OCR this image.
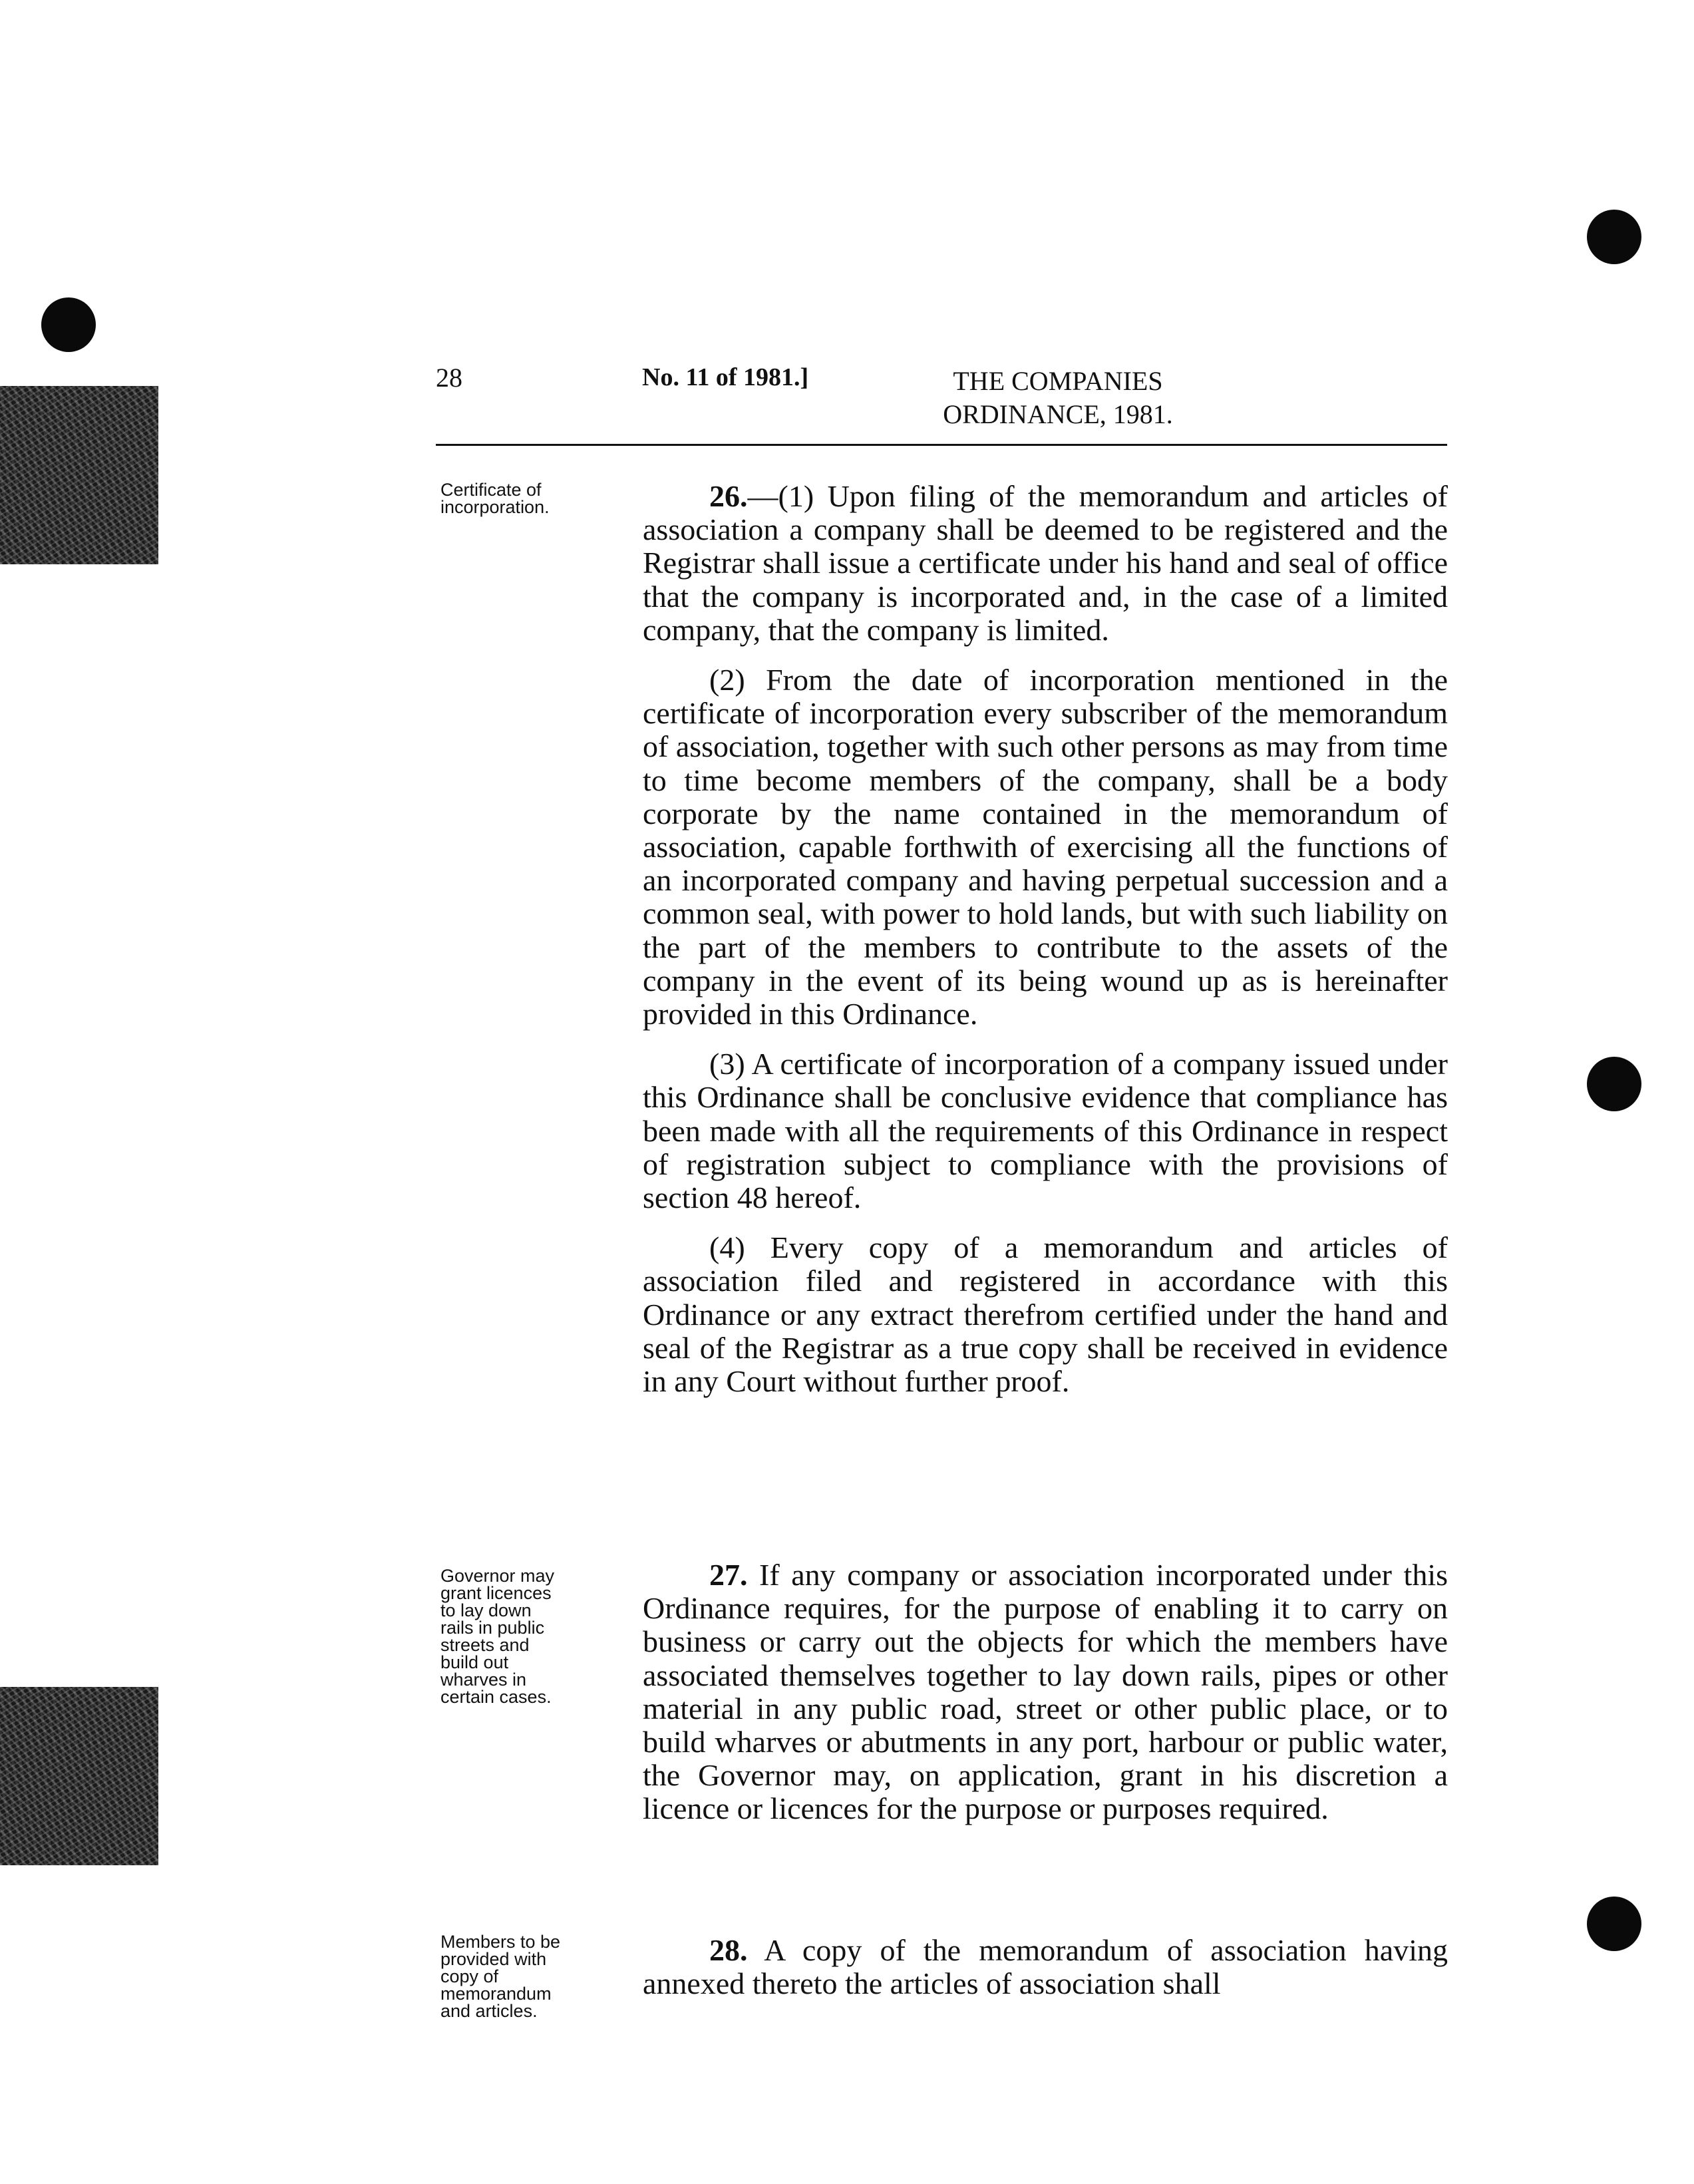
28	No. 11 of 1981.]	THE COMPANIES
ORDINANCE, 1981.
Certificate of incorporation.	26.—(1) Upon filing of the memorandum and articles of association a company shall be deemed to be registered and the Registrar shall issue a certificate under his hand and seal of office that the company is incorporated and, in the case of a limited company, that the company is limited.

(2) From the date of incorporation mentioned in the certificate of incorporation every subscriber of the memorandum of association, together with such other persons as may from time to time become members of the company, shall be a body corporate by the name contained in the memorandum of association, capable forthwith of exercising all the functions of an incorporated company and having perpetual succession and a common seal, with power to hold lands, but with such liability on the part of the members to contribute to the assets of the company in the event of its being wound up as is hereinafter provided in this Ordinance.

(3) A certificate of incorporation of a company issued under this Ordinance shall be conclusive evidence that compliance has been made with all the requirements of this Ordinance in respect of registration subject to compliance with the provisions of section 48 hereof.

(4) Every copy of a memorandum and articles of association filed and registered in accordance with this Ordinance or any extract therefrom certified under the hand and seal of the Registrar as a true copy shall be received in evidence in any Court without further proof.

Governor may grant licences to lay down rails in public streets and build out wharves in certain cases.

27. If any company or association incorporated under this Ordinance requires, for the purpose of enabling it to carry on business or carry out the objects for which the members have associated themselves together to lay down rails, pipes or other material in any public road, street or other public place, or to build wharves or abutments in any port, harbour or public water, the Governor may, on application, grant in his discretion a licence or licences for the purpose or purposes required.

Members to be provided with copy of memorandum and articles.

28. A copy of the memorandum of association having annexed thereto the articles of association shall
